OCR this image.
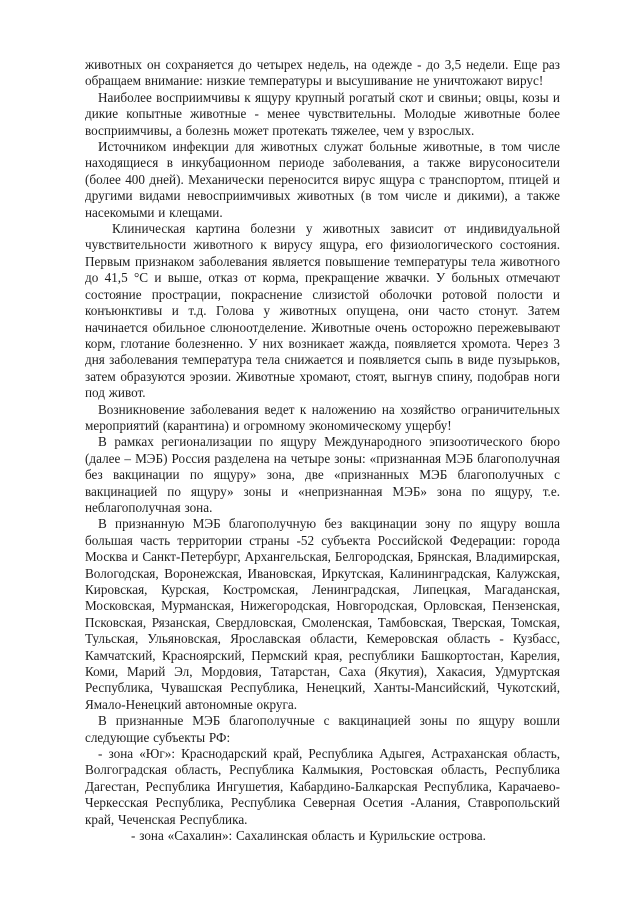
животных он сохраняется до четырех недель, на одежде - до 3,5 недели. Еще раз обращаем внимание: низкие температуры и высушивание не уничтожают вирус!

Наиболее восприимчивы к ящуру крупный рогатый скот и свиньи; овцы, козы и дикие копытные животные - менее чувствительны. Молодые животные более восприимчивы, а болезнь может протекать тяжелее, чем у взрослых.

Источником инфекции для животных служат больные животные, в том числе находящиеся в инкубационном периоде заболевания, а также вирусоносители (более 400 дней). Механически переносится вирус ящура с транспортом, птицей и другими видами невосприимчивых животных (в том числе и дикими), а также насекомыми и клещами.

Клиническая картина болезни у животных зависит от индивидуальной чувствительности животного к вирусу ящура, его физиологического состояния. Первым признаком заболевания является повышение температуры тела животного до 41,5 °С и выше, отказ от корма, прекращение жвачки. У больных отмечают состояние прострации, покраснение слизистой оболочки ротовой полости и конъюнктивы и т.д. Голова у животных опущена, они часто стонут. Затем начинается обильное слюноотделение. Животные очень осторожно пережевывают корм, глотание болезненно. У них возникает жажда, появляется хромота. Через 3 дня заболевания температура тела снижается и появляется сыпь в виде пузырьков, затем образуются эрозии. Животные хромают, стоят, выгнув спину, подобрав ноги под живот.

Возникновение заболевания ведет к наложению на хозяйство ограничительных мероприятий (карантина) и огромному экономическому ущербу!

В рамках регионализации по ящуру Международного эпизоотического бюро (далее – МЭБ) Россия разделена на четыре зоны: «признанная МЭБ благополучная без вакцинации по ящуру» зона, две «признанных МЭБ благополучных с вакцинацией по ящуру» зоны и «непризнанная МЭБ» зона по ящуру, т.е. неблагополучная зона.

В признанную МЭБ благополучную без вакцинации зону по ящуру вошла большая часть территории страны -52 субъекта Российской Федерации: города Москва и Санкт-Петербург, Архангельская, Белгородская, Брянская, Владимирская, Вологодская, Воронежская, Ивановская, Иркутская, Калининградская, Калужская, Кировская, Курская, Костромская, Ленинградская, Липецкая, Магаданская, Московская, Мурманская, Нижегородская, Новгородская, Орловская, Пензенская, Псковская, Рязанская, Свердловская, Смоленская, Тамбовская, Тверская, Томская, Тульская, Ульяновская, Ярославская области, Кемеровская область - Кузбасс, Камчатский, Красноярский, Пермский края, республики Башкортостан, Карелия, Коми, Марий Эл, Мордовия, Татарстан, Саха (Якутия), Хакасия, Удмуртская Республика, Чувашская Республика, Ненецкий, Ханты-Мансийский, Чукотский, Ямало-Ненецкий автономные округа.

В признанные МЭБ благополучные с вакцинацией зоны по ящуру вошли следующие субъекты РФ:

- зона «Юг»: Краснодарский край, Республика Адыгея, Астраханская область, Волгоградская область, Республика Калмыкия, Ростовская область, Республика Дагестан, Республика Ингушетия, Кабардино-Балкарская Республика, Карачаево-Черкесская Республика, Республика Северная Осетия -Алания, Ставропольский край, Чеченская Республика.

- зона «Сахалин»: Сахалинская область и Курильские острова.
